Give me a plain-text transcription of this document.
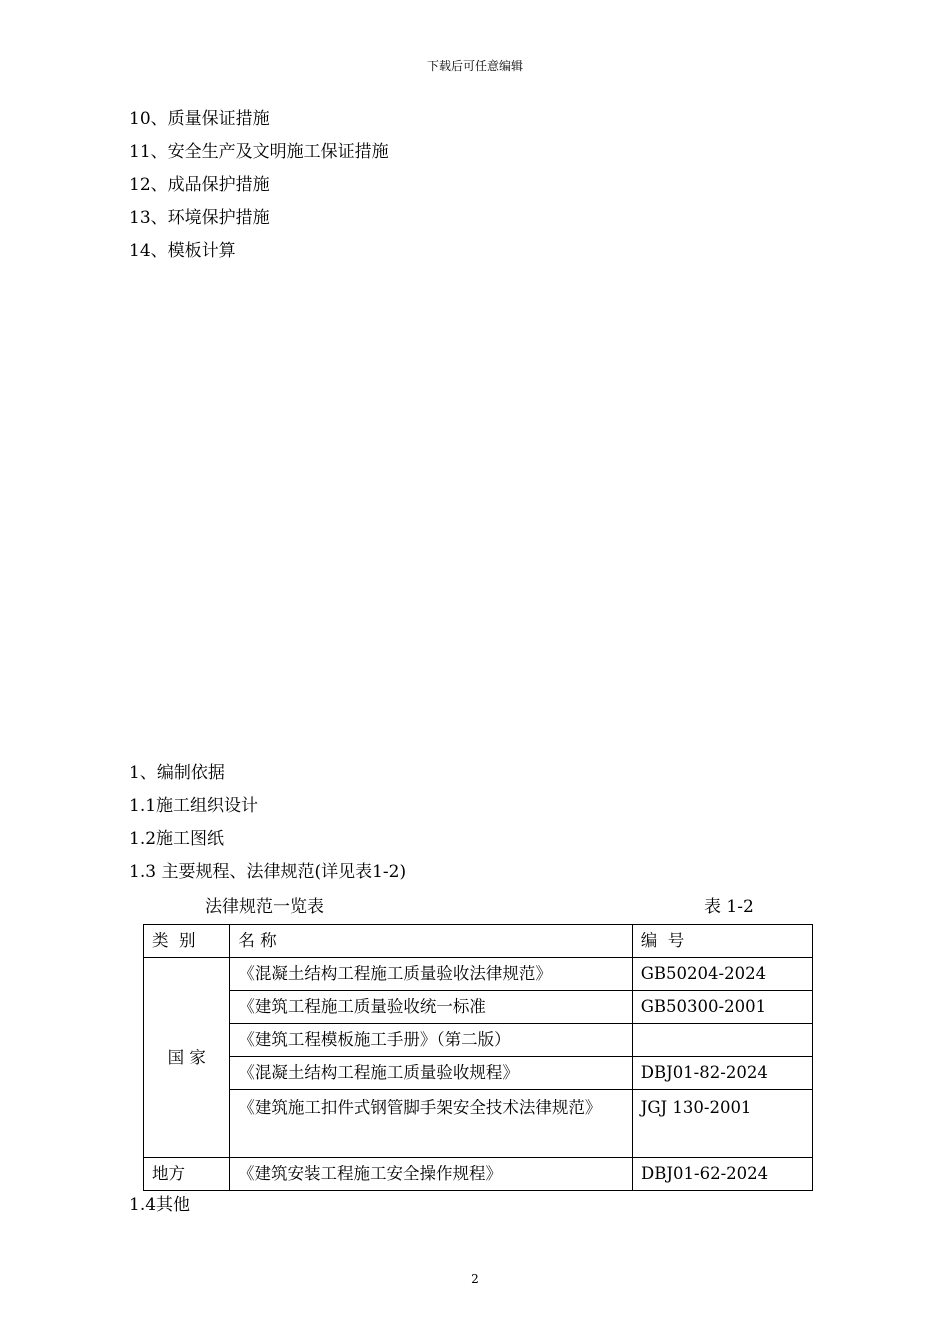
下载后可任意编辑
10、质量保证措施
11、安全生产及文明施工保证措施
12、成品保护措施
13、环境保护措施
14、模板计算
1、编制依据
1.1施工组织设计
1.2施工图纸
1.3 主要规程、法律规范(详见表1-2)
法律规范一览表	表 1-2
类  别	名 称	编  号
国 家	《混凝土结构工程施工质量验收法律规范》	GB50204-2024
	《建筑工程施工质量验收统一标准	GB50300-2001
	《建筑工程模板施工手册》（第二版）	
	《混凝土结构工程施工质量验收规程》	DBJ01-82-2024
	《建筑施工扣件式钢管脚手架安全技术法律规范》	JGJ 130-2001
地方	《建筑安装工程施工安全操作规程》	DBJ01-62-2024
1.4其他
2
